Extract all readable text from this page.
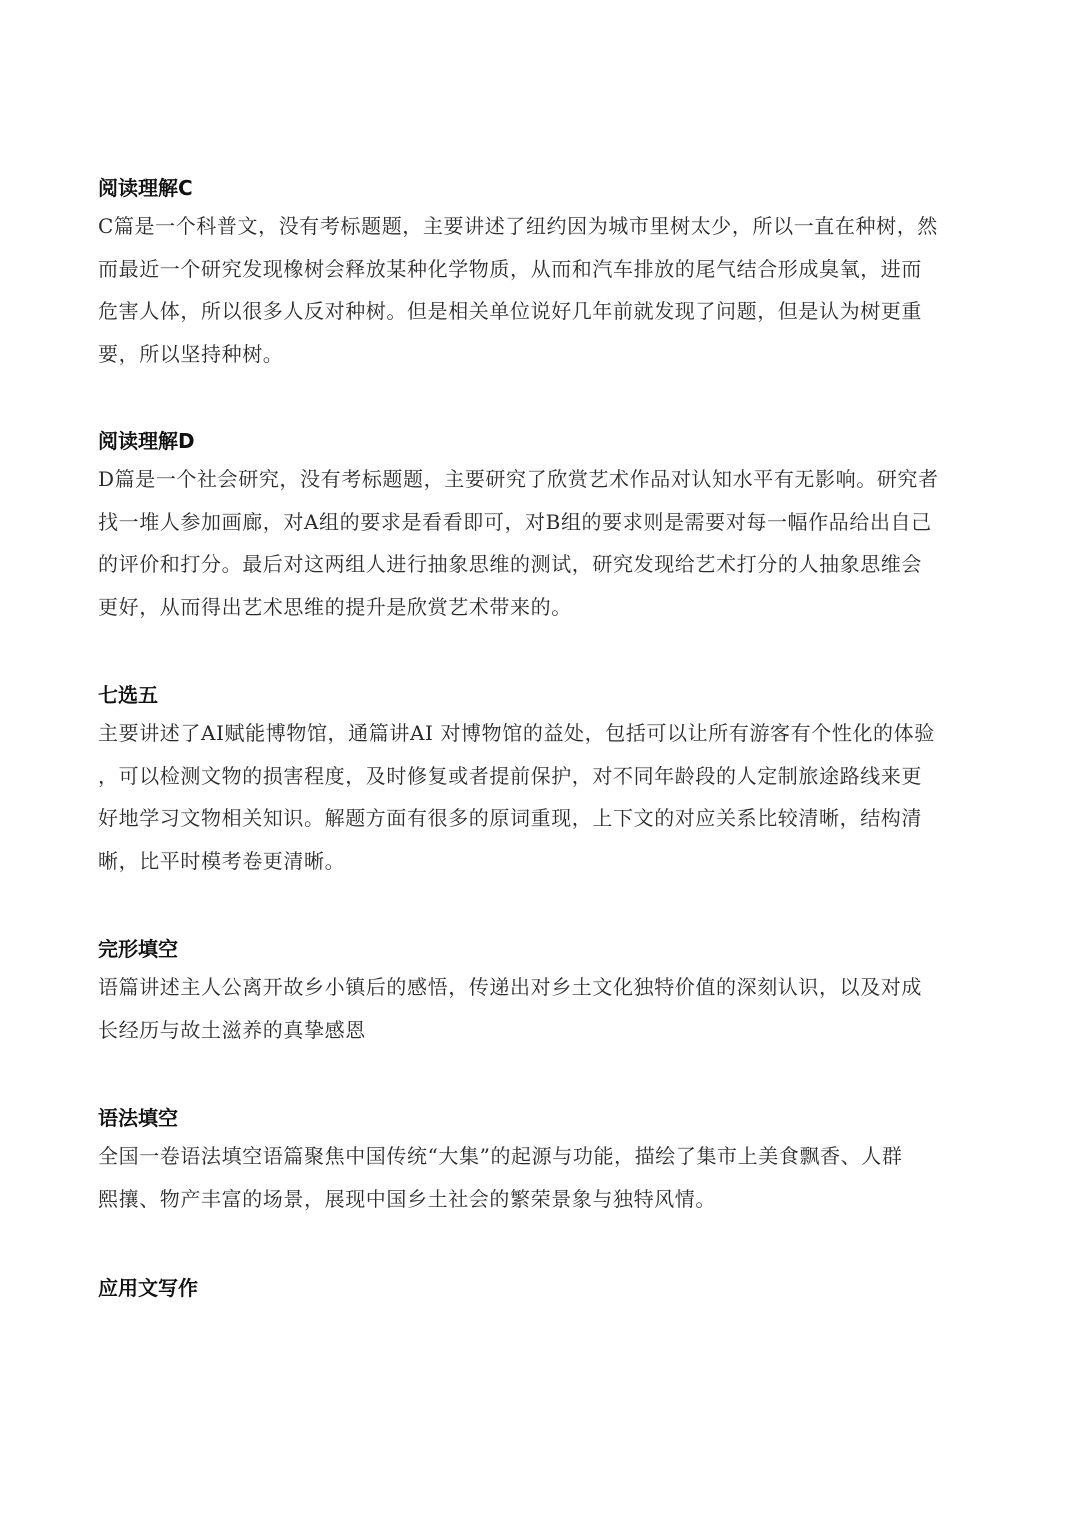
阅读理解C
C篇是一个科普文，没有考标题题，主要讲述了纽约因为城市里树太少，所以一直在种树，然
而最近一个研究发现橡树会释放某种化学物质，从而和汽车排放的尾气结合形成臭氧，进而
危害人体，所以很多人反对种树。但是相关单位说好几年前就发现了问题，但是认为树更重
要，所以坚持种树。
阅读理解D
D篇是一个社会研究，没有考标题题，主要研究了欣赏艺术作品对认知水平有无影响。研究者
找一堆人参加画廊，对A组的要求是看看即可，对B组的要求则是需要对每一幅作品给出自己
的评价和打分。最后对这两组人进行抽象思维的测试，研究发现给艺术打分的人抽象思维会
更好，从而得出艺术思维的提升是欣赏艺术带来的。
七选五
主要讲述了AI赋能博物馆，通篇讲AI 对博物馆的益处，包括可以让所有游客有个性化的体验
，可以检测文物的损害程度，及时修复或者提前保护，对不同年龄段的人定制旅途路线来更
好地学习文物相关知识。解题方面有很多的原词重现，上下文的对应关系比较清晰，结构清
晰，比平时模考卷更清晰。
完形填空
语篇讲述主人公离开故乡小镇后的感悟，传递出对乡土文化独特价值的深刻认识，以及对成
长经历与故土滋养的真挚感恩
语法填空
全国一卷语法填空语篇聚焦中国传统“大集”的起源与功能，描绘了集市上美食飘香、人群
熙攘、物产丰富的场景，展现中国乡土社会的繁荣景象与独特风情。
应用文写作
